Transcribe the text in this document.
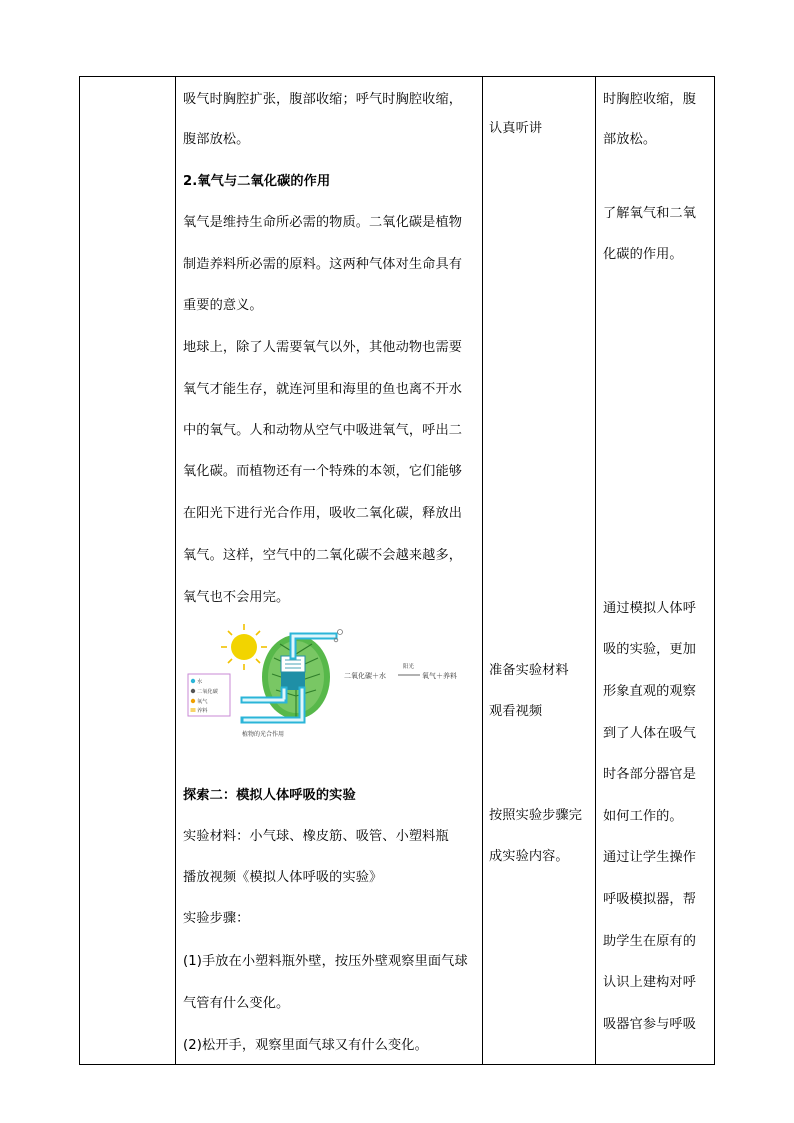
吸气时胸腔扩张，腹部收缩；呼气时胸腔收缩，
腹部放松。
2.氧气与二氧化碳的作用
氧气是维持生命所必需的物质。二氧化碳是植物
制造养料所必需的原料。这两种气体对生命具有
重要的意义。
地球上，除了人需要氧气以外，其他动物也需要
氧气才能生存，就连河里和海里的鱼也离不开水
中的氧气。人和动物从空气中吸进氧气，呼出二
氧化碳。而植物还有一个特殊的本领，它们能够
在阳光下进行光合作用，吸收二氧化碳，释放出
氧气。这样，空气中的二氧化碳不会越来越多，
氧气也不会用完。
水
二氧化碳
氧气
养料
二氧化碳＋水
阳光
氧气＋养料
植物的光合作用
探索二：模拟人体呼吸的实验
实验材料：小气球、橡皮筋、吸管、小塑料瓶
播放视频《模拟人体呼吸的实验》
实验步骤：
(1)手放在小塑料瓶外壁，按压外壁观察里面气球
气管有什么变化。
(2)松开手，观察里面气球又有什么变化。
认真听讲
准备实验材料
观看视频
按照实验步骤完
成实验内容。
时胸腔收缩，腹
部放松。
了解氧气和二氧
化碳的作用。
通过模拟人体呼
吸的实验，更加
形象直观的观察
到了人体在吸气
时各部分器官是
如何工作的。
通过让学生操作
呼吸模拟器，帮
助学生在原有的
认识上建构对呼
吸器官参与呼吸
